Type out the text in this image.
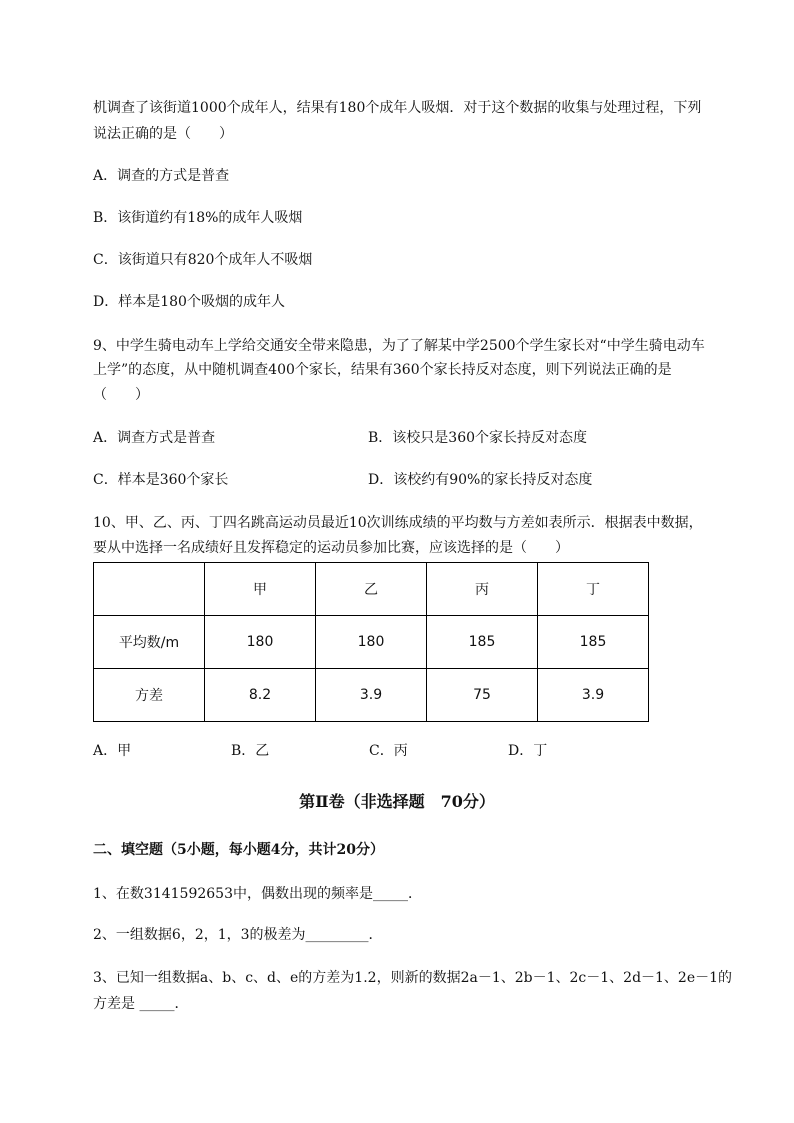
机调查了该街道1000个成年人，结果有180个成年人吸烟．对于这个数据的收集与处理过程，下列
说法正确的是（　　）
A．调查的方式是普查
B．该街道约有18%的成年人吸烟
C．该街道只有820个成年人不吸烟
D．样本是180个吸烟的成年人
9、中学生骑电动车上学给交通安全带来隐患，为了了解某中学2500个学生家长对“中学生骑电动车
上学”的态度，从中随机调查400个家长，结果有360个家长持反对态度，则下列说法正确的是
（　　）
A．调查方式是普查	B．该校只是360个家长持反对态度
C．样本是360个家长	D．该校约有90%的家长持反对态度
10、甲、乙、丙、丁四名跳高运动员最近10次训练成绩的平均数与方差如表所示．根据表中数据，
要从中选择一名成绩好且发挥稳定的运动员参加比赛，应该选择的是（　　）
	甲	乙	丙	丁
平均数/m	180	180	185	185
方差	8.2	3.9	75	3.9
A．甲	B．乙	C．丙	D．丁
第Ⅱ卷（非选择题　70分）
二、填空题（5小题，每小题4分，共计20分）
1、在数3141592653中，偶数出现的频率是_____．
2、一组数据6，2，1，3的极差为_________．
3、已知一组数据a、b、c、d、e的方差为1.2，则新的数据2a－1、2b－1、2c－1、2d－1、2e－1的
方差是 _____．
